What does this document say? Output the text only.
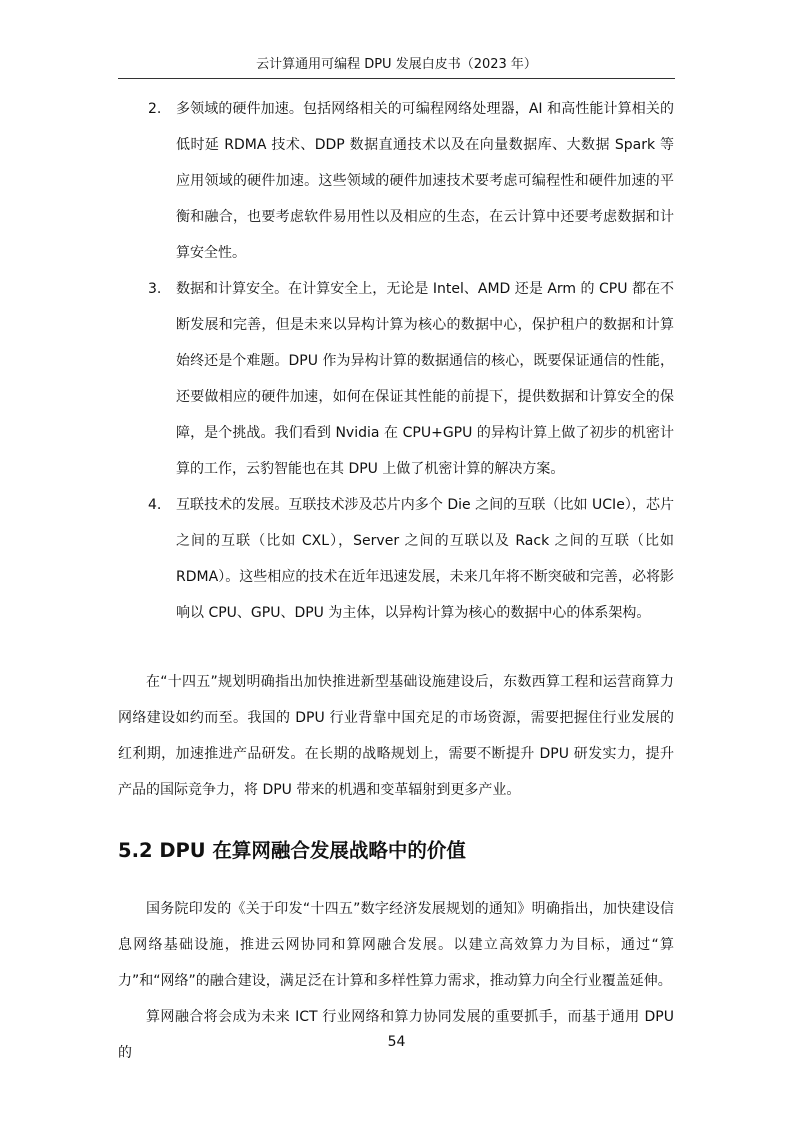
云计算通用可编程 DPU 发展白皮书（2023 年）
2. 多领域的硬件加速。包括网络相关的可编程网络处理器，AI 和高性能计算相关的低时延 RDMA 技术、DDP 数据直通技术以及在向量数据库、大数据 Spark 等应用领域的硬件加速。这些领域的硬件加速技术要考虑可编程性和硬件加速的平衡和融合，也要考虑软件易用性以及相应的生态，在云计算中还要考虑数据和计算安全性。
3. 数据和计算安全。在计算安全上，无论是 Intel、AMD 还是 Arm 的 CPU 都在不断发展和完善，但是未来以异构计算为核心的数据中心，保护租户的数据和计算始终还是个难题。DPU 作为异构计算的数据通信的核心，既要保证通信的性能，还要做相应的硬件加速，如何在保证其性能的前提下，提供数据和计算安全的保障，是个挑战。我们看到 Nvidia 在 CPU+GPU 的异构计算上做了初步的机密计算的工作，云豹智能也在其 DPU 上做了机密计算的解决方案。
4. 互联技术的发展。互联技术涉及芯片内多个 Die 之间的互联（比如 UCIe），芯片之间的互联（比如 CXL），Server 之间的互联以及 Rack 之间的互联（比如 RDMA）。这些相应的技术在近年迅速发展，未来几年将不断突破和完善，必将影响以 CPU、GPU、DPU 为主体，以异构计算为核心的数据中心的体系架构。

在“十四五”规划明确指出加快推进新型基础设施建设后，东数西算工程和运营商算力网络建设如约而至。我国的 DPU 行业背靠中国充足的市场资源，需要把握住行业发展的红利期，加速推进产品研发。在长期的战略规划上，需要不断提升 DPU 研发实力，提升产品的国际竞争力，将 DPU 带来的机遇和变革辐射到更多产业。

5.2 DPU 在算网融合发展战略中的价值

国务院印发的《关于印发“十四五”数字经济发展规划的通知》明确指出，加快建设信息网络基础设施，推进云网协同和算网融合发展。以建立高效算力为目标，通过“算力”和“网络”的融合建设，满足泛在计算和多样性算力需求，推动算力向全行业覆盖延伸。

算网融合将会成为未来 ICT 行业网络和算力协同发展的重要抓手，而基于通用 DPU 的

54
